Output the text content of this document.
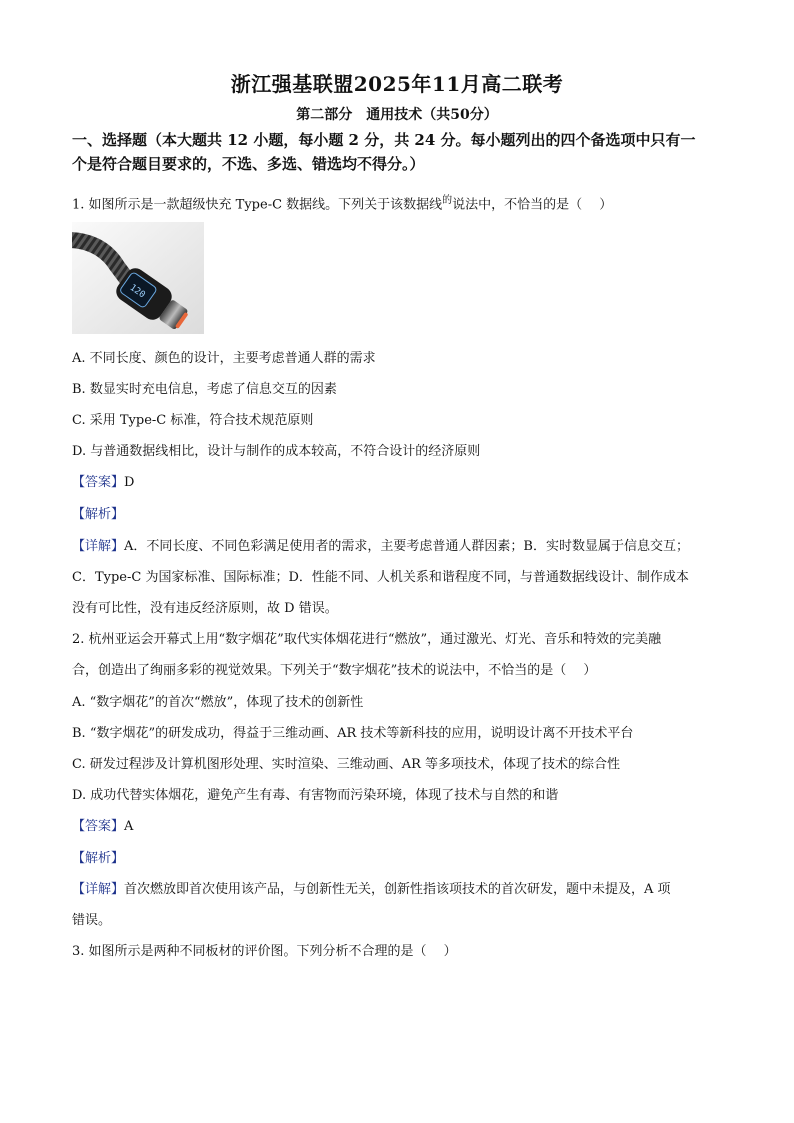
浙江强基联盟2025年11月高二联考
第二部分　通用技术（共50分）
一、选择题（本大题共 12 小题，每小题 2 分，共 24 分。每小题列出的四个备选项中只有一
个是符合题目要求的，不选、多选、错选均不得分。）
1. 如图所示是一款超级快充 Type-C 数据线。下列关于该数据线$^的$说法中，不恰当的是（　 ）
120
A. 不同长度、颜色的设计，主要考虑普通人群的需求
B. 数显实时充电信息，考虑了信息交互的因素
C. 采用 Type-C 标准，符合技术规范原则
D. 与普通数据线相比，设计与制作的成本较高，不符合设计的经济原则
【答案】D
【解析】
【详解】A．不同长度、不同色彩满足使用者的需求，主要考虑普通人群因素；B．实时数显属于信息交互；
C．Type-C 为国家标准、国际标准；D．性能不同、人机关系和谐程度不同，与普通数据线设计、制作成本
没有可比性，没有违反经济原则，故 D 错误。
2. 杭州亚运会开幕式上用“数字烟花”取代实体烟花进行“燃放”，通过激光、灯光、音乐和特效的完美融
合，创造出了绚丽多彩的视觉效果。下列关于“数字烟花”技术的说法中，不恰当的是（　 ）
A. “数字烟花”的首次“燃放”，体现了技术的创新性
B. “数字烟花”的研发成功，得益于三维动画、AR 技术等新科技的应用，说明设计离不开技术平台
C. 研发过程涉及计算机图形处理、实时渲染、三维动画、AR 等多项技术，体现了技术的综合性
D. 成功代替实体烟花，避免产生有毒、有害物而污染环境，体现了技术与自然的和谐
【答案】A
【解析】
【详解】首次燃放即首次使用该产品，与创新性无关，创新性指该项技术的首次研发，题中未提及，A 项
错误。
3. 如图所示是两种不同板材的评价图。下列分析不合理的是（　 ）
